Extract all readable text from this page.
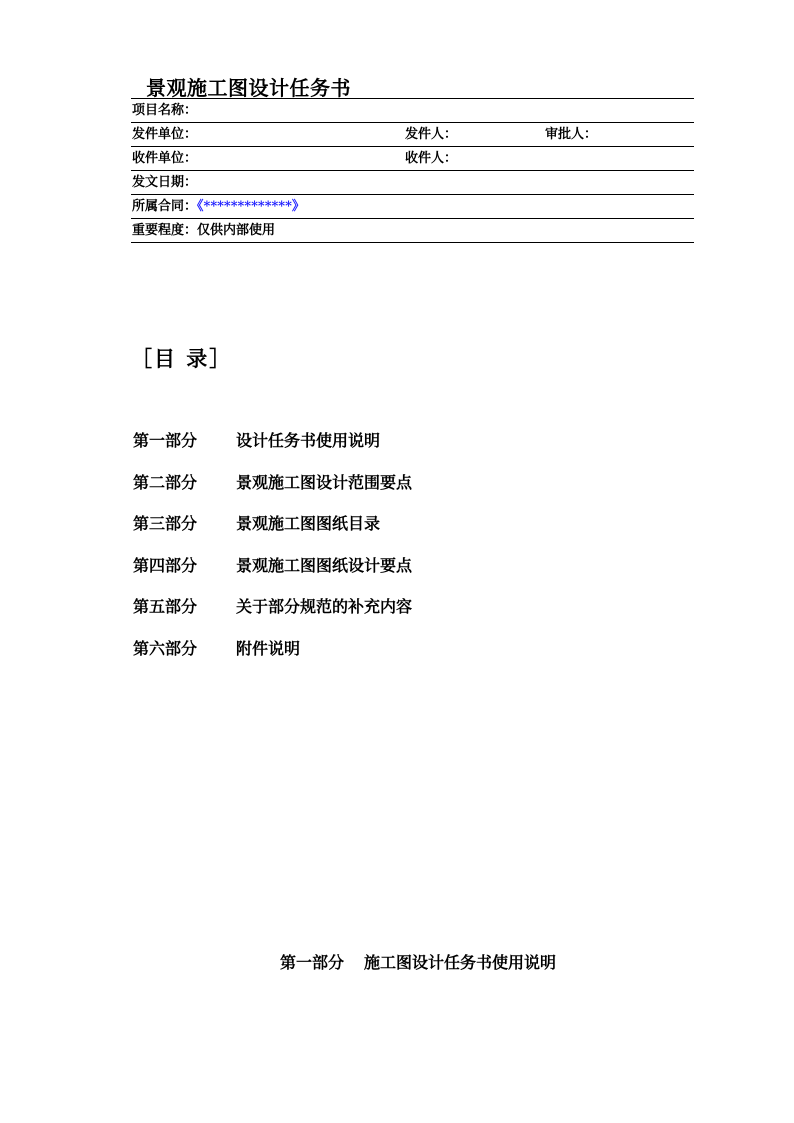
景观施工图设计任务书
项目名称：
发件单位：	发件人：	审批人：
收件单位：	收件人：
发文日期：
所属合同：《*************》
重要程度：仅供内部使用
［目 录］
第一部分 设计任务书使用说明
第二部分 景观施工图设计范围要点
第三部分 景观施工图图纸目录
第四部分 景观施工图图纸设计要点
第五部分 关于部分规范的补充内容
第六部分 附件说明
第一部分 施工图设计任务书使用说明
